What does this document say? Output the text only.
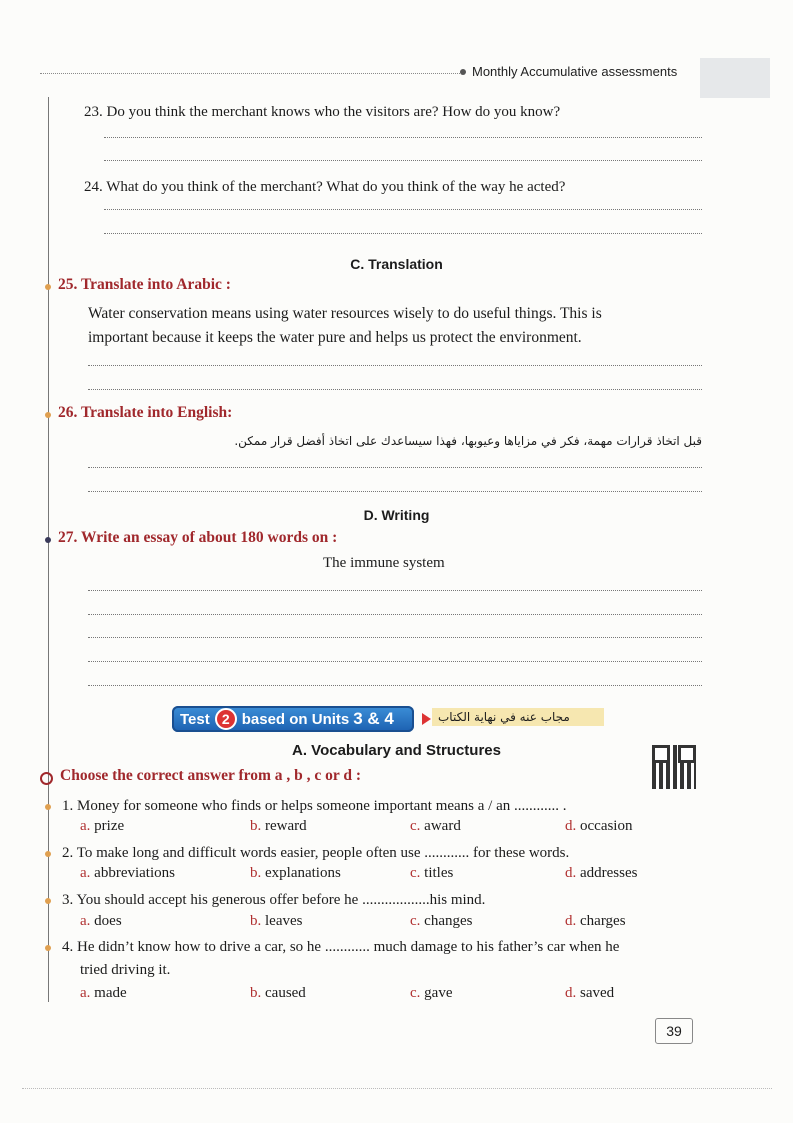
Monthly Accumulative assessments
23. Do you think the merchant knows who the visitors are? How do you know?
24. What do you think of the merchant? What do you think of the way he acted?
C. Translation
25. Translate into Arabic :
Water conservation means using water resources wisely to do useful things. This is
important because it keeps the water pure and helps us protect the environment.
26. Translate into English:
قبل اتخاذ قرارات مهمة، فكر في مزاياها وعيوبها، فهذا سيساعدك على اتخاذ أفضل قرار ممكن.
D. Writing
27. Write an essay of about 180 words on :
The immune system
Test 2 based on Units 3 & 4	مجاب عنه في نهاية الكتاب
A. Vocabulary and Structures
Choose the correct answer from a , b , c or d :
1. Money for someone who finds or helps someone important means a / an ............ .
a. prize	b. reward	c. award	d. occasion
2. To make long and difficult words easier, people often use ............ for these words.
a. abbreviations	b. explanations	c. titles	d. addresses
3. You should accept his generous offer before he ..................his mind.
a. does	b. leaves	c. changes	d. charges
4. He didn’t know how to drive a car, so he ............ much damage to his father’s car when he
tried driving it.
a. made	b. caused	c. gave	d. saved
39
